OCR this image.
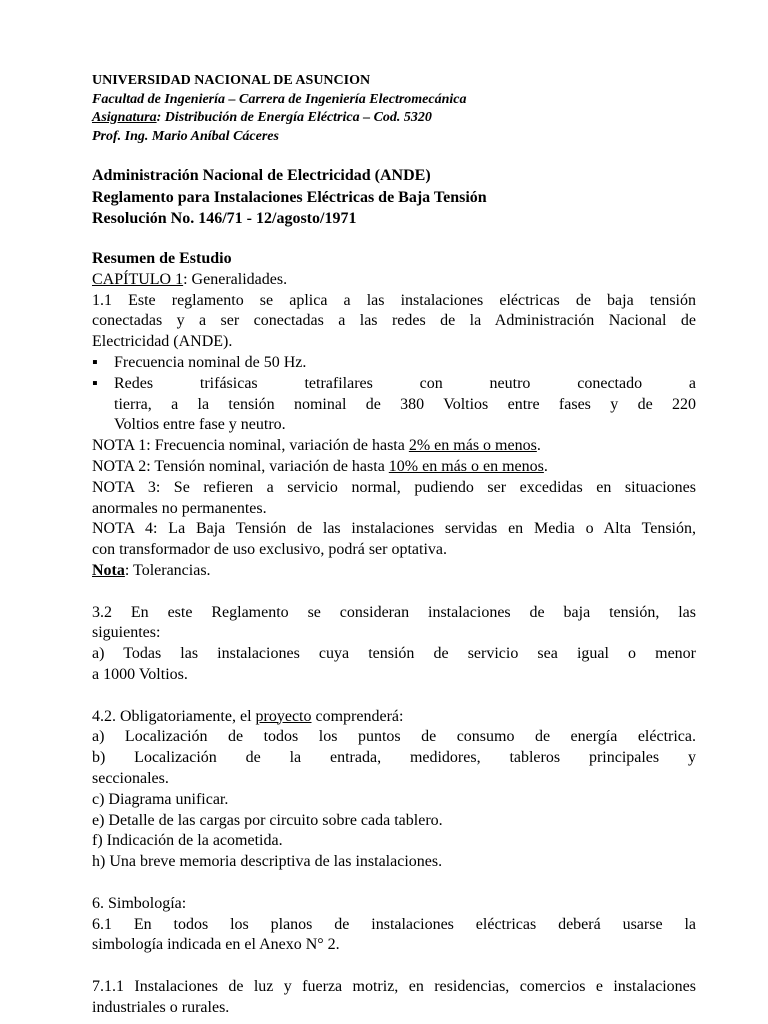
UNIVERSIDAD NACIONAL DE ASUNCION
Facultad de Ingeniería – Carrera de Ingeniería Electromecánica
Asignatura: Distribución de Energía Eléctrica – Cod. 5320
Prof. Ing. Mario Aníbal Cáceres
Administración Nacional de Electricidad (ANDE)
Reglamento para Instalaciones Eléctricas de Baja Tensión
Resolución No. 146/71 - 12/agosto/1971

Resumen de Estudio

CAPÍTULO 1: Generalidades.

1.1 Este reglamento se aplica a las instalaciones eléctricas de baja tensión

conectadas y a ser conectadas a las redes de la Administración Nacional de

Electricidad (ANDE).

▪ Frecuencia nominal de 50 Hz.

▪ Redes trifásicas tetrafilares con neutro conectado a

tierra, a la tensión nominal de 380 Voltios entre fases y de 220

Voltios entre fase y neutro.

NOTA 1: Frecuencia nominal, variación de hasta 2% en más o menos.

NOTA 2: Tensión nominal, variación de hasta 10% en más o en menos.

NOTA 3: Se refieren a servicio normal, pudiendo ser excedidas en situaciones

anormales no permanentes.

NOTA 4: La Baja Tensión de las instalaciones servidas en Media o Alta Tensión,

con transformador de uso exclusivo, podrá ser optativa.

Nota: Tolerancias.

3.2 En este Reglamento se consideran instalaciones de baja tensión, las

siguientes:

a) Todas las instalaciones cuya tensión de servicio sea igual o menor

a 1000 Voltios.

4.2. Obligatoriamente, el proyecto comprenderá:

a) Localización de todos los puntos de consumo de energía eléctrica.

b) Localización de la entrada, medidores, tableros principales y

seccionales.

c) Diagrama unificar.

e) Detalle de las cargas por circuito sobre cada tablero.

f) Indicación de la acometida.

h) Una breve memoria descriptiva de las instalaciones.

6. Simbología:

6.1 En todos los planos de instalaciones eléctricas deberá usarse la

simbología indicada en el Anexo N° 2.

7.1.1 Instalaciones de luz y fuerza motriz, en residencias, comercios e instalaciones

industriales o rurales.
